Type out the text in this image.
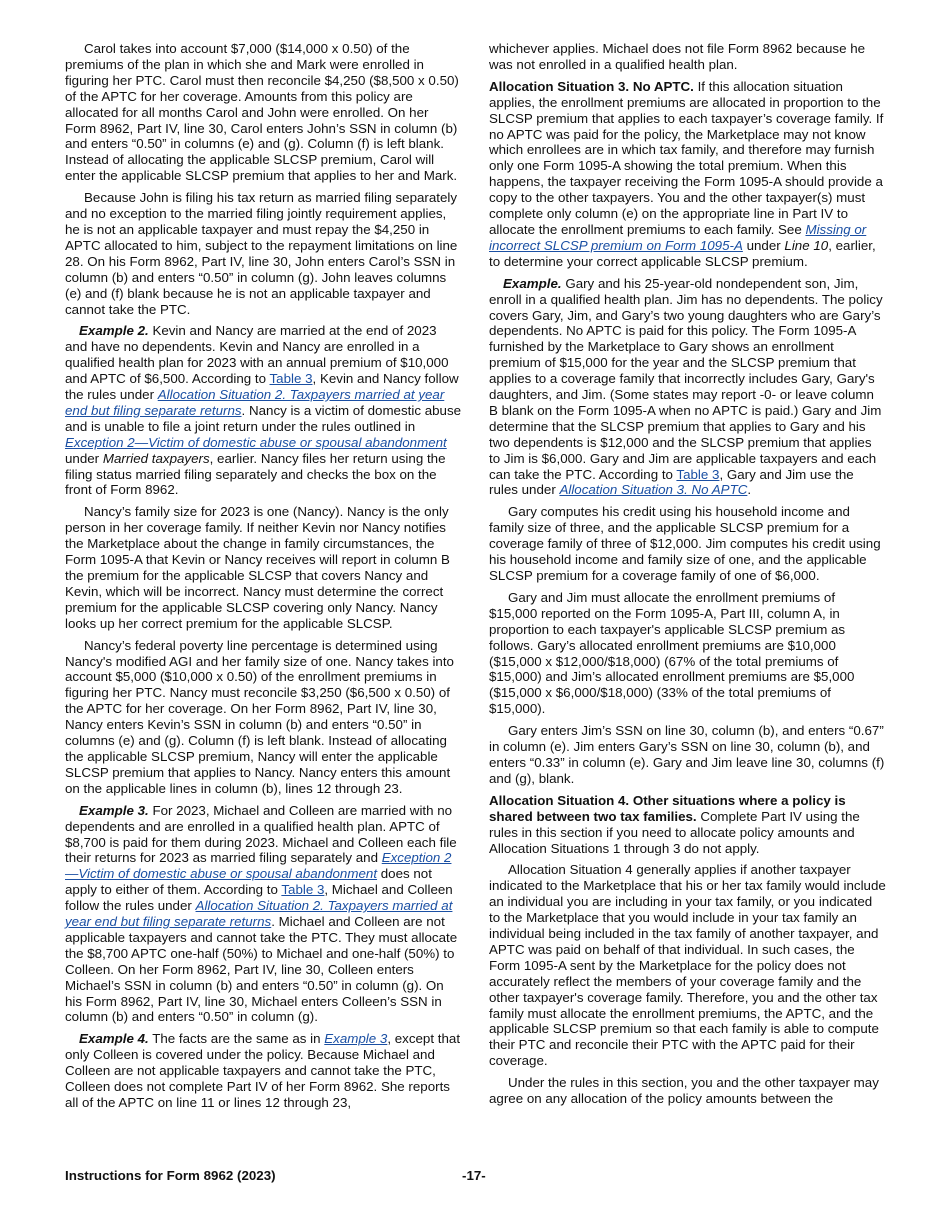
Carol takes into account $7,000 ($14,000 x 0.50) of the premiums of the plan in which she and Mark were enrolled in figuring her PTC. Carol must then reconcile $4,250 ($8,500 x 0.50) of the APTC for her coverage. Amounts from this policy are allocated for all months Carol and John were enrolled. On her Form 8962, Part IV, line 30, Carol enters John’s SSN in column (b) and enters “0.50” in columns (e) and (g). Column (f) is left blank. Instead of allocating the applicable SLCSP premium, Carol will enter the applicable SLCSP premium that applies to her and Mark.

Because John is filing his tax return as married filing separately and no exception to the married filing jointly requirement applies, he is not an applicable taxpayer and must repay the $4,250 in APTC allocated to him, subject to the repayment limitations on line 28. On his Form 8962, Part IV, line 30, John enters Carol’s SSN in column (b) and enters “0.50” in column (g). John leaves columns (e) and (f) blank because he is not an applicable taxpayer and cannot take the PTC.

Example 2. Kevin and Nancy are married at the end of 2023 and have no dependents. Kevin and Nancy are enrolled in a qualified health plan for 2023 with an annual premium of $10,000 and APTC of $6,500. According to Table 3, Kevin and Nancy follow the rules under Allocation Situation 2. Taxpayers married at year end but filing separate returns. Nancy is a victim of domestic abuse and is unable to file a joint return under the rules outlined in Exception 2—Victim of domestic abuse or spousal abandonment under Married taxpayers, earlier. Nancy files her return using the filing status married filing separately and checks the box on the front of Form 8962.

Nancy’s family size for 2023 is one (Nancy). Nancy is the only person in her coverage family. If neither Kevin nor Nancy notifies the Marketplace about the change in family circumstances, the Form 1095-A that Kevin or Nancy receives will report in column B the premium for the applicable SLCSP that covers Nancy and Kevin, which will be incorrect. Nancy must determine the correct premium for the applicable SLCSP covering only Nancy. Nancy looks up her correct premium for the applicable SLCSP.

Nancy’s federal poverty line percentage is determined using Nancy's modified AGI and her family size of one. Nancy takes into account $5,000 ($10,000 x 0.50) of the enrollment premiums in figuring her PTC. Nancy must reconcile $3,250 ($6,500 x 0.50) of the APTC for her coverage. On her Form 8962, Part IV, line 30, Nancy enters Kevin’s SSN in column (b) and enters “0.50” in columns (e) and (g). Column (f) is left blank. Instead of allocating the applicable SLCSP premium, Nancy will enter the applicable SLCSP premium that applies to Nancy. Nancy enters this amount on the applicable lines in column (b), lines 12 through 23.

Example 3. For 2023, Michael and Colleen are married with no dependents and are enrolled in a qualified health plan. APTC of $8,700 is paid for them during 2023. Michael and Colleen each file their returns for 2023 as married filing separately and Exception 2—Victim of domestic abuse or spousal abandonment does not apply to either of them. According to Table 3, Michael and Colleen follow the rules under Allocation Situation 2. Taxpayers married at year end but filing separate returns. Michael and Colleen are not applicable taxpayers and cannot take the PTC. They must allocate the $8,700 APTC one-half (50%) to Michael and one-half (50%) to Colleen. On her Form 8962, Part IV, line 30, Colleen enters Michael’s SSN in column (b) and enters “0.50” in column (g). On his Form 8962, Part IV, line 30, Michael enters Colleen’s SSN in column (b) and enters “0.50” in column (g).

Example 4. The facts are the same as in Example 3, except that only Colleen is covered under the policy. Because Michael and Colleen are not applicable taxpayers and cannot take the PTC, Colleen does not complete Part IV of her Form 8962. She reports all of the APTC on line 11 or lines 12 through 23,

whichever applies. Michael does not file Form 8962 because he was not enrolled in a qualified health plan.

Allocation Situation 3. No APTC. If this allocation situation applies, the enrollment premiums are allocated in proportion to the SLCSP premium that applies to each taxpayer’s coverage family. If no APTC was paid for the policy, the Marketplace may not know which enrollees are in which tax family, and therefore may furnish only one Form 1095-A showing the total premium. When this happens, the taxpayer receiving the Form 1095-A should provide a copy to the other taxpayers. You and the other taxpayer(s) must complete only column (e) on the appropriate line in Part IV to allocate the enrollment premiums to each family. See Missing or incorrect SLCSP premium on Form 1095-A under Line 10, earlier, to determine your correct applicable SLCSP premium.

Example. Gary and his 25-year-old nondependent son, Jim, enroll in a qualified health plan. Jim has no dependents. The policy covers Gary, Jim, and Gary’s two young daughters who are Gary’s dependents. No APTC is paid for this policy. The Form 1095-A furnished by the Marketplace to Gary shows an enrollment premium of $15,000 for the year and the SLCSP premium that applies to a coverage family that incorrectly includes Gary, Gary's daughters, and Jim. (Some states may report -0- or leave column B blank on the Form 1095-A when no APTC is paid.) Gary and Jim determine that the SLCSP premium that applies to Gary and his two dependents is $12,000 and the SLCSP premium that applies to Jim is $6,000. Gary and Jim are applicable taxpayers and each can take the PTC. According to Table 3, Gary and Jim use the rules under Allocation Situation 3. No APTC.

Gary computes his credit using his household income and family size of three, and the applicable SLCSP premium for a coverage family of three of $12,000. Jim computes his credit using his household income and family size of one, and the applicable SLCSP premium for a coverage family of one of $6,000.

Gary and Jim must allocate the enrollment premiums of $15,000 reported on the Form 1095-A, Part III, column A, in proportion to each taxpayer's applicable SLCSP premium as follows. Gary’s allocated enrollment premiums are $10,000 ($15,000 x $12,000/$18,000) (67% of the total premiums of $15,000) and Jim’s allocated enrollment premiums are $5,000 ($15,000 x $6,000/$18,000) (33% of the total premiums of $15,000).

Gary enters Jim’s SSN on line 30, column (b), and enters “0.67” in column (e). Jim enters Gary’s SSN on line 30, column (b), and enters “0.33” in column (e). Gary and Jim leave line 30, columns (f) and (g), blank.

Allocation Situation 4. Other situations where a policy is shared between two tax families. Complete Part IV using the rules in this section if you need to allocate policy amounts and Allocation Situations 1 through 3 do not apply.

Allocation Situation 4 generally applies if another taxpayer indicated to the Marketplace that his or her tax family would include an individual you are including in your tax family, or you indicated to the Marketplace that you would include in your tax family an individual being included in the tax family of another taxpayer, and APTC was paid on behalf of that individual. In such cases, the Form 1095-A sent by the Marketplace for the policy does not accurately reflect the members of your coverage family and the other taxpayer's coverage family. Therefore, you and the other tax family must allocate the enrollment premiums, the APTC, and the applicable SLCSP premium so that each family is able to compute their PTC and reconcile their PTC with the APTC paid for their coverage.

Under the rules in this section, you and the other taxpayer may agree on any allocation of the policy amounts between the

Instructions for Form 8962 (2023)	-17-
